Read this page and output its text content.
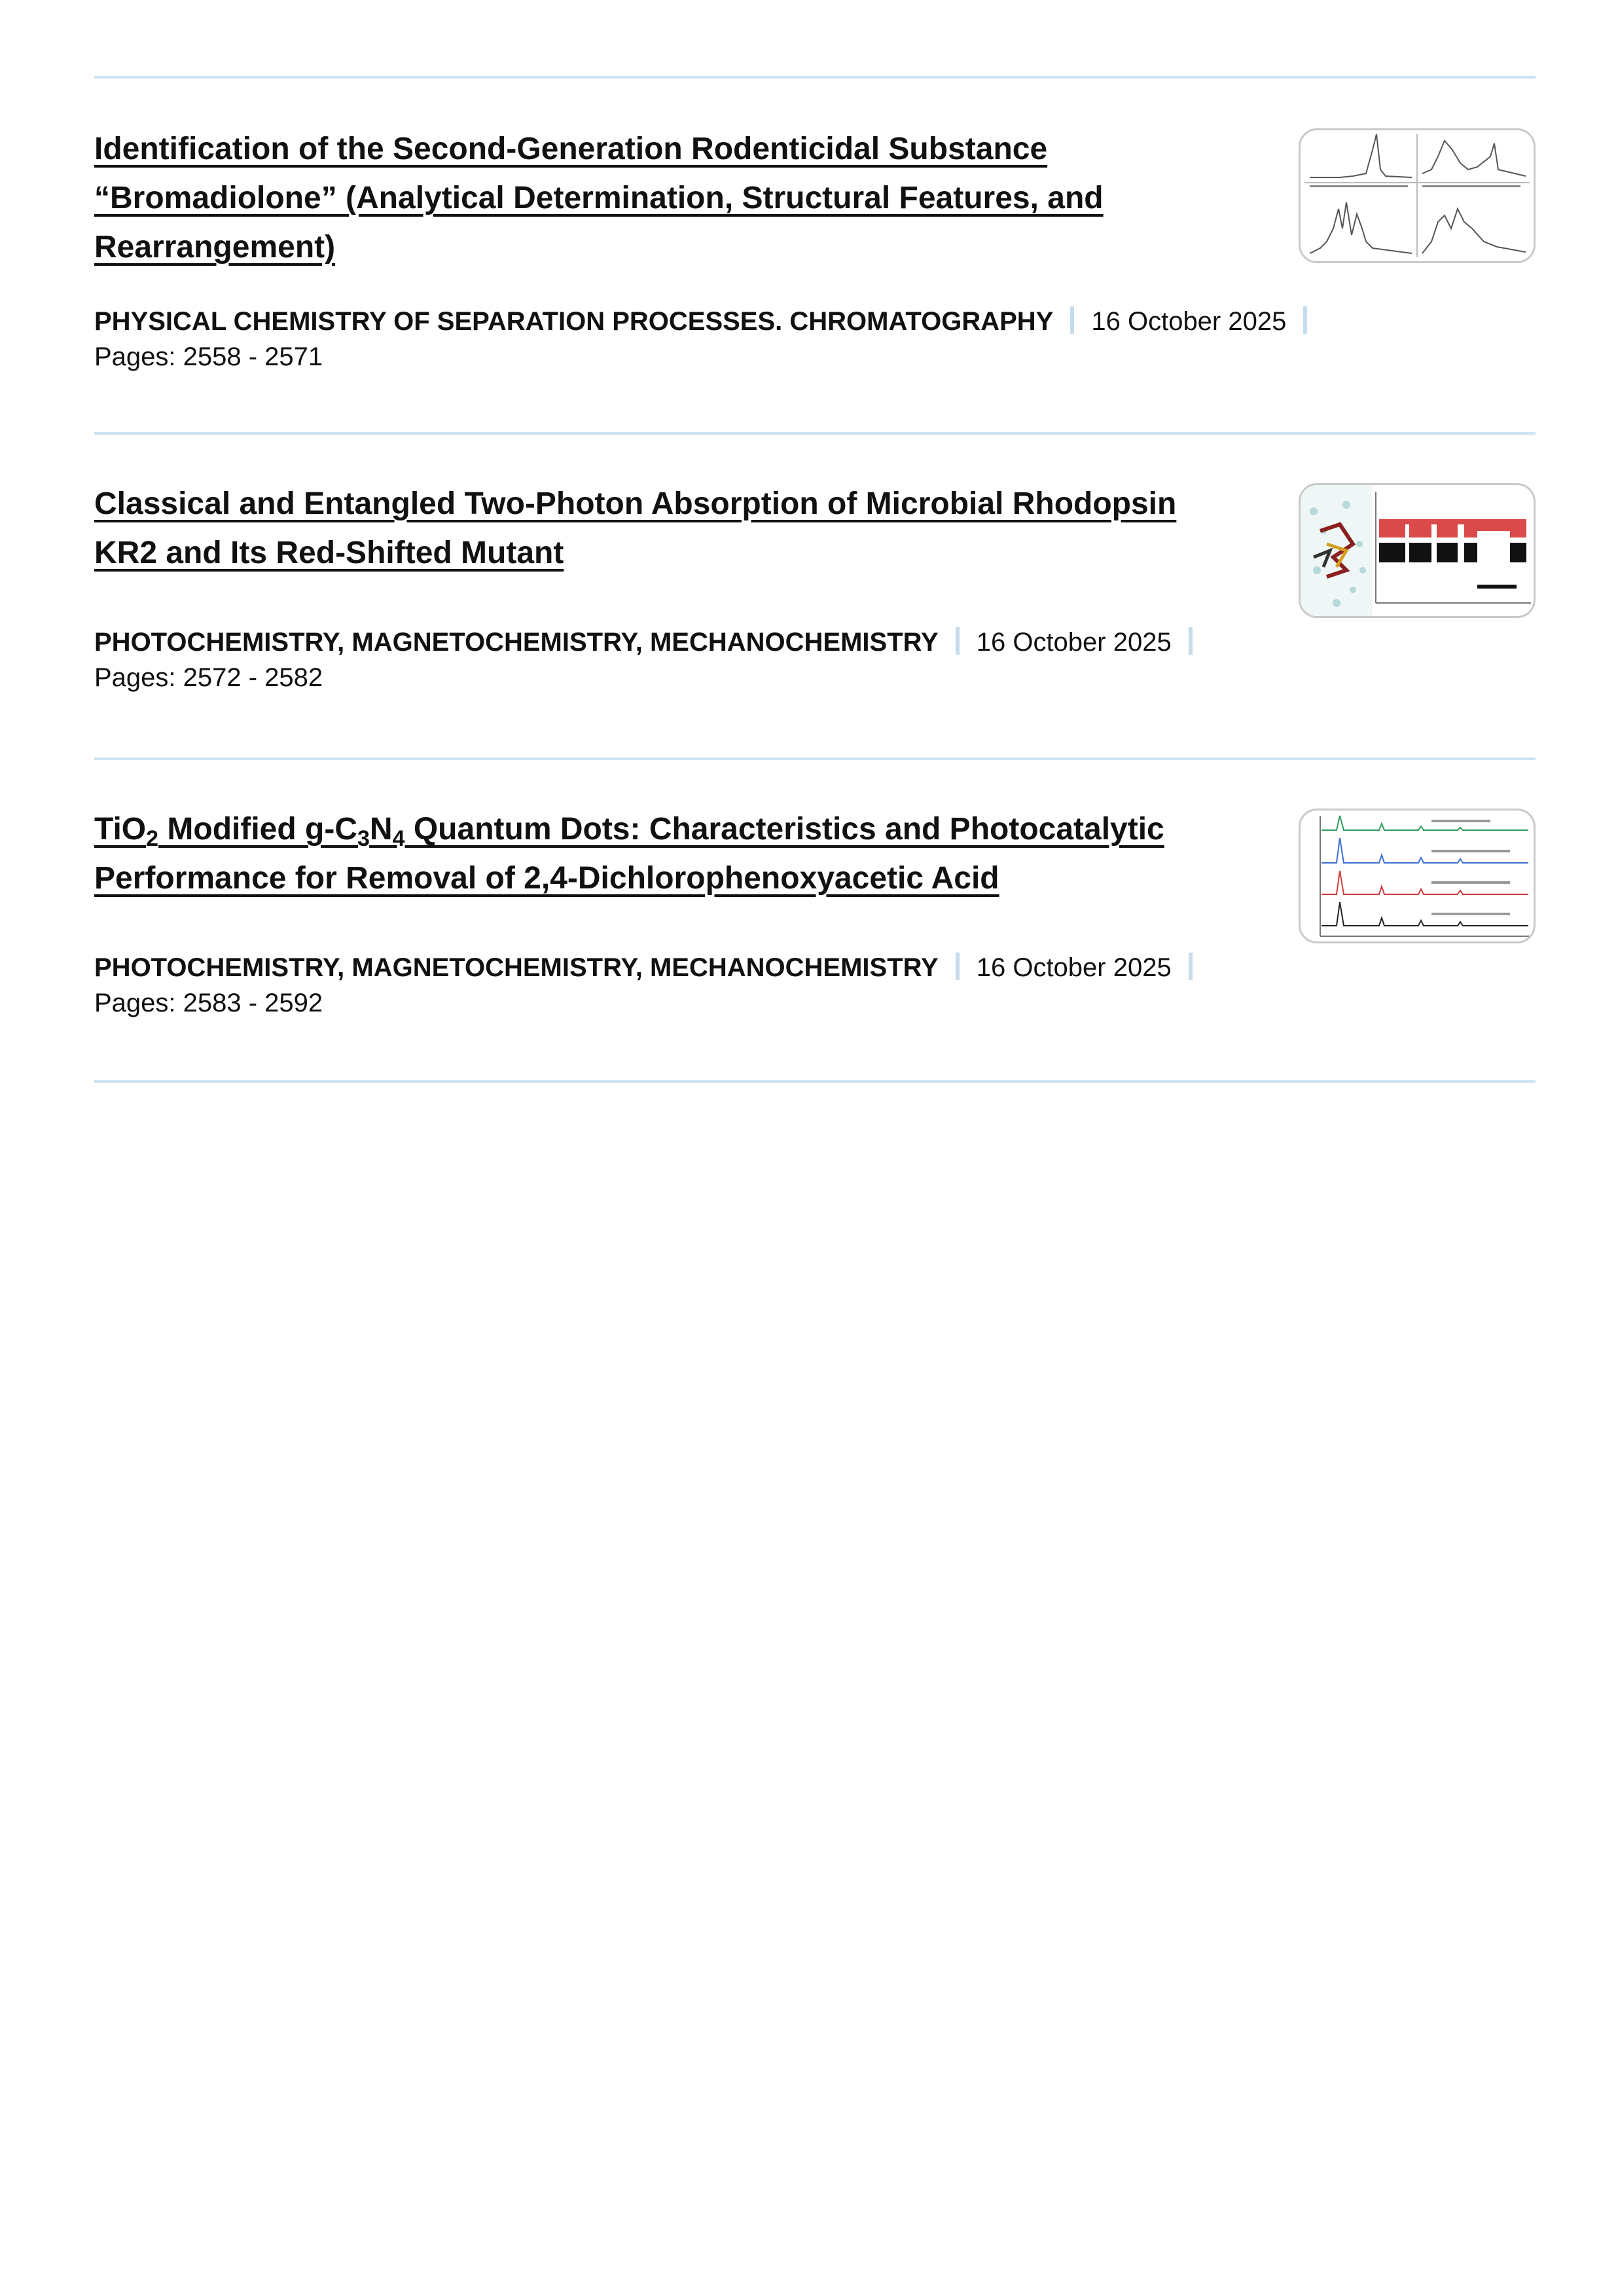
Identification of the Second-Generation Rodenticidal Substance
“Bromadiolone” (Analytical Determination, Structural Features, and
Rearrangement)
PHYSICAL CHEMISTRY OF SEPARATION PROCESSES. CHROMATOGRAPHY 16 October 2025
Pages: 2558 - 2571
Classical and Entangled Two-Photon Absorption of Microbial Rhodopsin
KR2 and Its Red-Shifted Mutant
PHOTOCHEMISTRY, MAGNETOCHEMISTRY, MECHANOCHEMISTRY 16 October 2025
Pages: 2572 - 2582
TiO$_2$ Modified $g-C_3N_4$ Quantum Dots: Characteristics and Photocatalytic
Performance for Removal of 2,4-Dichlorophenoxyacetic Acid
PHOTOCHEMISTRY, MAGNETOCHEMISTRY, MECHANOCHEMISTRY 16 October 2025
Pages: 2583 - 2592
